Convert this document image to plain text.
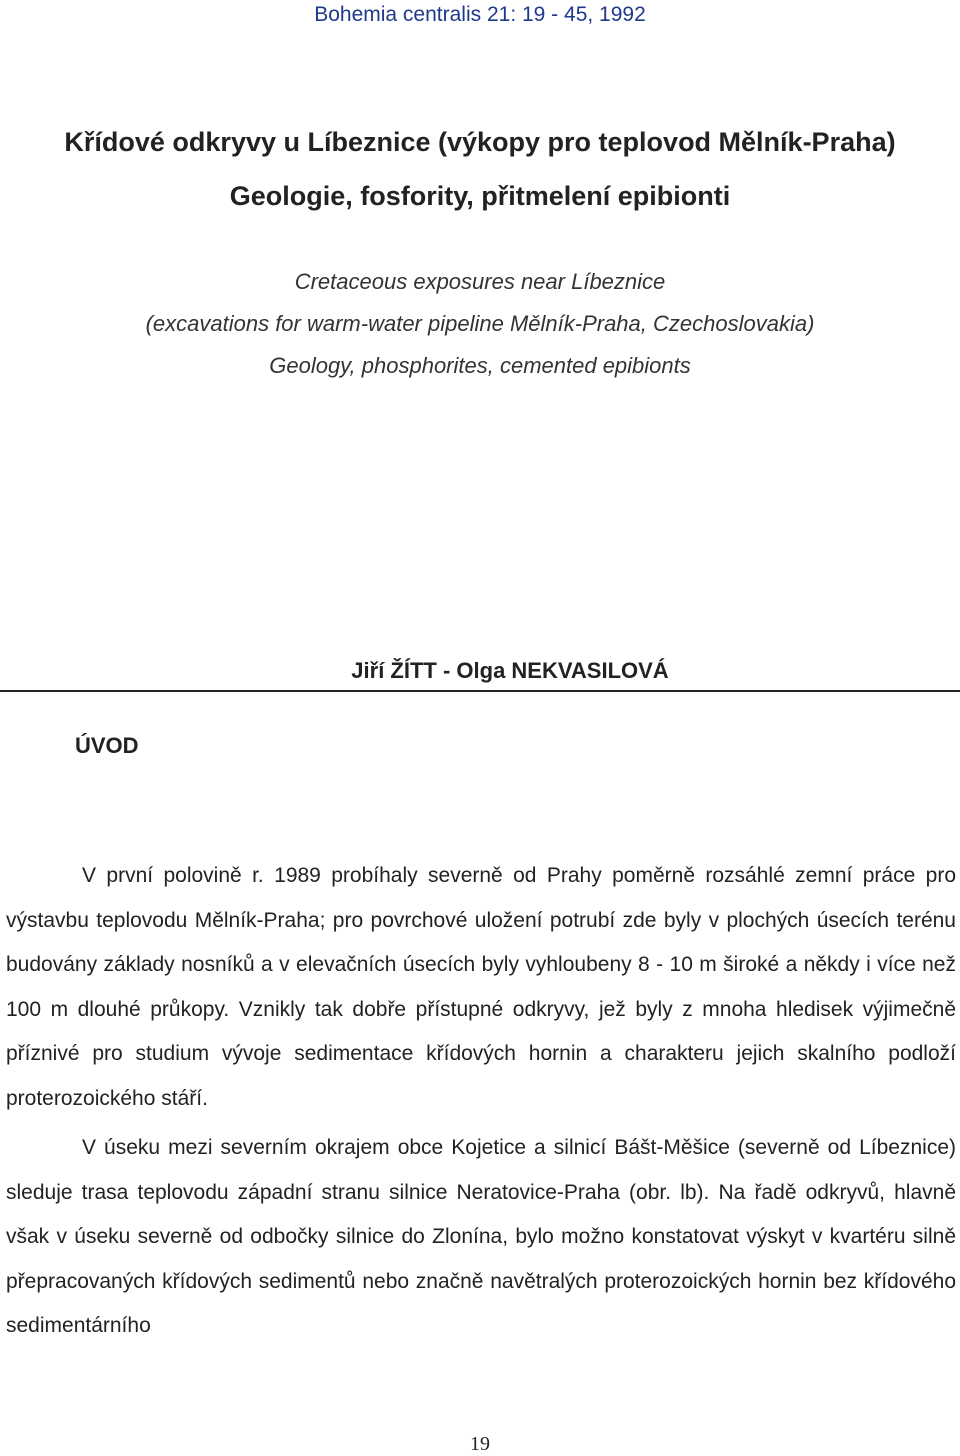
Bohemia centralis 21: 19 - 45, 1992
Křídové odkryvy u Líbeznice (výkopy pro teplovod Mělník-Praha)
Geologie, fosfority, přitmelení epibionti
Cretaceous exposures near Líbeznice
(excavations for warm-water pipeline Mělník-Praha, Czechoslovakia)
Geology, phosphorites, cemented epibionts
Jiří ŽÍTT - Olga NEKVASILOVÁ
ÚVOD

V první polovině r. 1989 probíhaly severně od Prahy poměrně rozsáhlé zemní práce pro výstavbu teplovodu Mělník-Praha; pro povrchové uložení potrubí zde byly v plochých úsecích terénu budovány základy nosníků a v elevačních úsecích byly vyhloubeny 8 - 10 m široké a někdy i více než 100 m dlouhé průkopy. Vznikly tak dobře přístupné odkryvy, jež byly z mnoha hledisek výjimečně příznivé pro studium vývoje sedimentace křídových hornin a charakteru jejich skalního podloží proterozoického stáří.

V úseku mezi severním okrajem obce Kojetice a silnicí Bášt-Měšice (severně od Líbeznice) sleduje trasa teplovodu západní stranu silnice Neratovice-Praha (obr. lb). Na řadě odkryvů, hlavně však v úseku severně od odbočky silnice do Zlonína, bylo možno konstatovat výskyt v kvartéru silně přepracovaných křídových sedimentů nebo značně navětralých proterozoických hornin bez křídového sedimentárního

19
